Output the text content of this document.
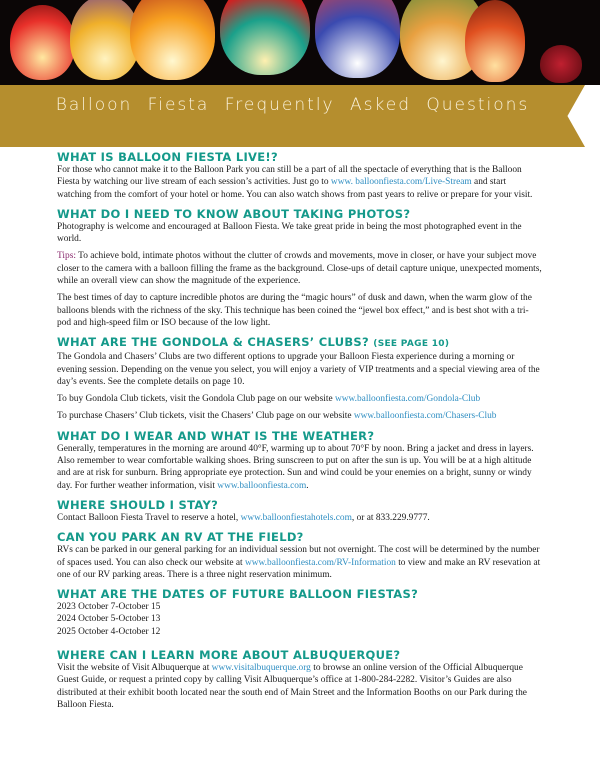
Balloon Fiesta Frequently Asked Questions
WHAT IS BALLOON FIESTA LIVE!?

For those who cannot make it to the Balloon Park you can still be a part of all the spectacle of everything that is the Balloon Fiesta by watching our live stream of each session’s activities. Just go to www. balloonfiesta.com/Live-Stream and start watching from the comfort of your hotel or home. You can also watch shows from past years to relive or prepare for your visit.

WHAT DO I NEED TO KNOW ABOUT TAKING PHOTOS?

Photography is welcome and encouraged at Balloon Fiesta. We take great pride in being the most photographed event in the world.

Tips: To achieve bold, intimate photos without the clutter of crowds and movements, move in closer, or have your subject move closer to the camera with a balloon filling the frame as the background. Close-ups of detail capture unique, unexpected moments, while an overall view can show the magnitude of the experience.

The best times of day to capture incredible photos are during the “magic hours” of dusk and dawn, when the warm glow of the balloons blends with the richness of the sky. This technique has been coined the “jewel box effect,” and is best shot with a tri-pod and high-speed film or ISO because of the low light.

WHAT ARE THE GONDOLA & CHASERS’ CLUBS? (SEE PAGE 10)

The Gondola and Chasers’ Clubs are two different options to upgrade your Balloon Fiesta experience during a morning or evening session. Depending on the venue you select, you will enjoy a variety of VIP treatments and a special viewing area of the day’s events. See the complete details on page 10.

To buy Gondola Club tickets, visit the Gondola Club page on our website www.balloonfiesta.com/Gondola-Club

To purchase Chasers’ Club tickets, visit the Chasers’ Club page on our website www.balloonfiesta.com/Chasers-Club

WHAT DO I WEAR AND WHAT IS THE WEATHER?

Generally, temperatures in the morning are around 40°F, warming up to about 70°F by noon. Bring a jacket and dress in layers. Also remember to wear comfortable walking shoes. Bring sunscreen to put on after the sun is up. You will be at a high altitude and are at risk for sunburn. Bring appropriate eye protection. Sun and wind could be your enemies on a bright, sunny or windy day. For further weather information, visit www.balloonfiesta.com.

WHERE SHOULD I STAY?

Contact Balloon Fiesta Travel to reserve a hotel, www.balloonfiestahotels.com, or at 833.229.9777.

CAN YOU PARK AN RV AT THE FIELD?

RVs can be parked in our general parking for an individual session but not overnight. The cost will be determined by the number of spaces used. You can also check our website at www.balloonfiesta.com/RV-Information to view and make an RV resevation at one of our RV parking areas. There is a three night reservation minimum.

WHAT ARE THE DATES OF FUTURE BALLOON FIESTAS?

2023 October 7-October 15

2024 October 5-October 13

2025 October 4-October 12

WHERE CAN I LEARN MORE ABOUT ALBUQUERQUE?

Visit the website of Visit Albuquerque at www.visitalbuquerque.org to browse an online version of the Official Albuquerque Guest Guide, or request a printed copy by calling Visit Albuquerque’s office at 1-800-284-2282. Visitor’s Guides are also distributed at their exhibit booth located near the south end of Main Street and the Information Booths on our Park during the Balloon Fiesta.
